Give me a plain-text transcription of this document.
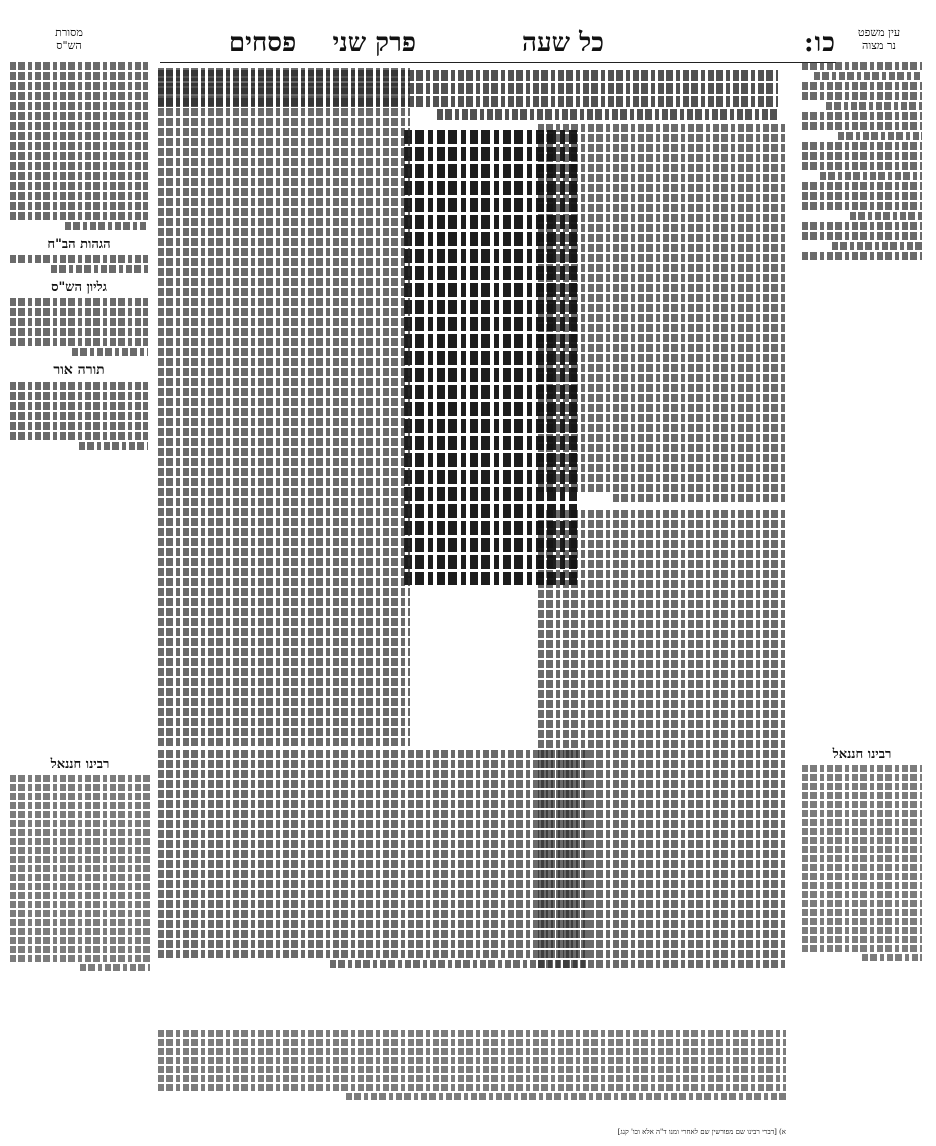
עין משפט
נר מצוה
כו:
כל שעה
פרק שני    פסחים
מסורת
הש"ס
הגהות הב"ח
גליון הש"ס
תורה אור
רבינו חננאל
רבינו חננאל
א) [דברי רבינו שם מפורשין שם לאחרי ומנו ד"ה אלא וכו' קנג]
